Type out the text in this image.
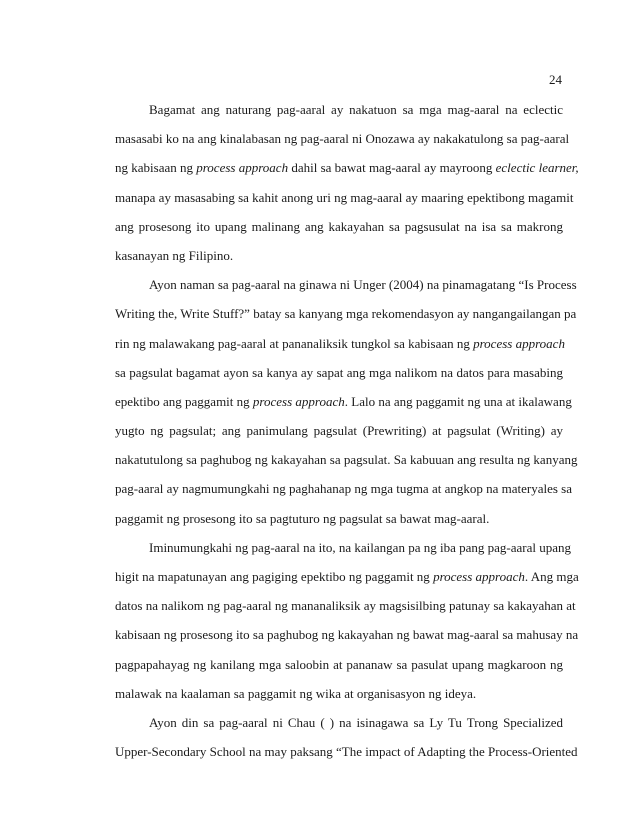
24
Bagamat ang naturang pag-aaral ay nakatuon sa mga mag-aaral na eclectic
masasabi ko na ang kinalabasan ng pag-aaral ni Onozawa ay nakakatulong sa pag-aaral
ng kabisaan ng process approach dahil sa bawat mag-aaral ay mayroong eclectic learner,
manapa ay masasabing sa kahit anong uri ng mag-aaral ay maaring epektibong magamit
ang prosesong ito upang malinang ang kakayahan sa pagsusulat na isa sa makrong
kasanayan ng Filipino.
Ayon naman sa pag-aaral na ginawa ni Unger (2004) na pinamagatang “Is Process
Writing the, Write Stuff?” batay sa kanyang mga rekomendasyon ay nangangailangan pa
rin ng malawakang pag-aaral at pananaliksik tungkol sa kabisaan ng process approach
sa pagsulat bagamat ayon sa kanya ay sapat ang mga nalikom na datos para masabing
epektibo ang paggamit ng process approach. Lalo na ang paggamit ng una at ikalawang
yugto ng pagsulat; ang panimulang pagsulat (Prewriting) at pagsulat (Writing) ay
nakatutulong sa paghubog ng kakayahan sa pagsulat. Sa kabuuan ang resulta ng kanyang
pag-aaral ay nagmumungkahi ng paghahanap ng mga tugma at angkop na materyales sa
paggamit ng prosesong ito sa pagtuturo ng pagsulat sa bawat mag-aaral.
Iminumungkahi ng pag-aaral na ito, na kailangan pa ng iba pang pag-aaral upang
higit na mapatunayan ang pagiging epektibo ng paggamit ng process approach. Ang mga
datos na nalikom ng pag-aaral ng mananaliksik ay magsisilbing patunay sa kakayahan at
kabisaan ng prosesong ito sa paghubog ng kakayahan ng bawat mag-aaral sa mahusay na
pagpapahayag ng kanilang mga saloobin at pananaw sa pasulat upang magkaroon ng
malawak na kaalaman sa paggamit ng wika at organisasyon ng ideya.
Ayon din sa pag-aaral ni Chau ( ) na isinagawa sa Ly Tu Trong Specialized
Upper-Secondary School na may paksang “The impact of Adapting the Process-Oriented
